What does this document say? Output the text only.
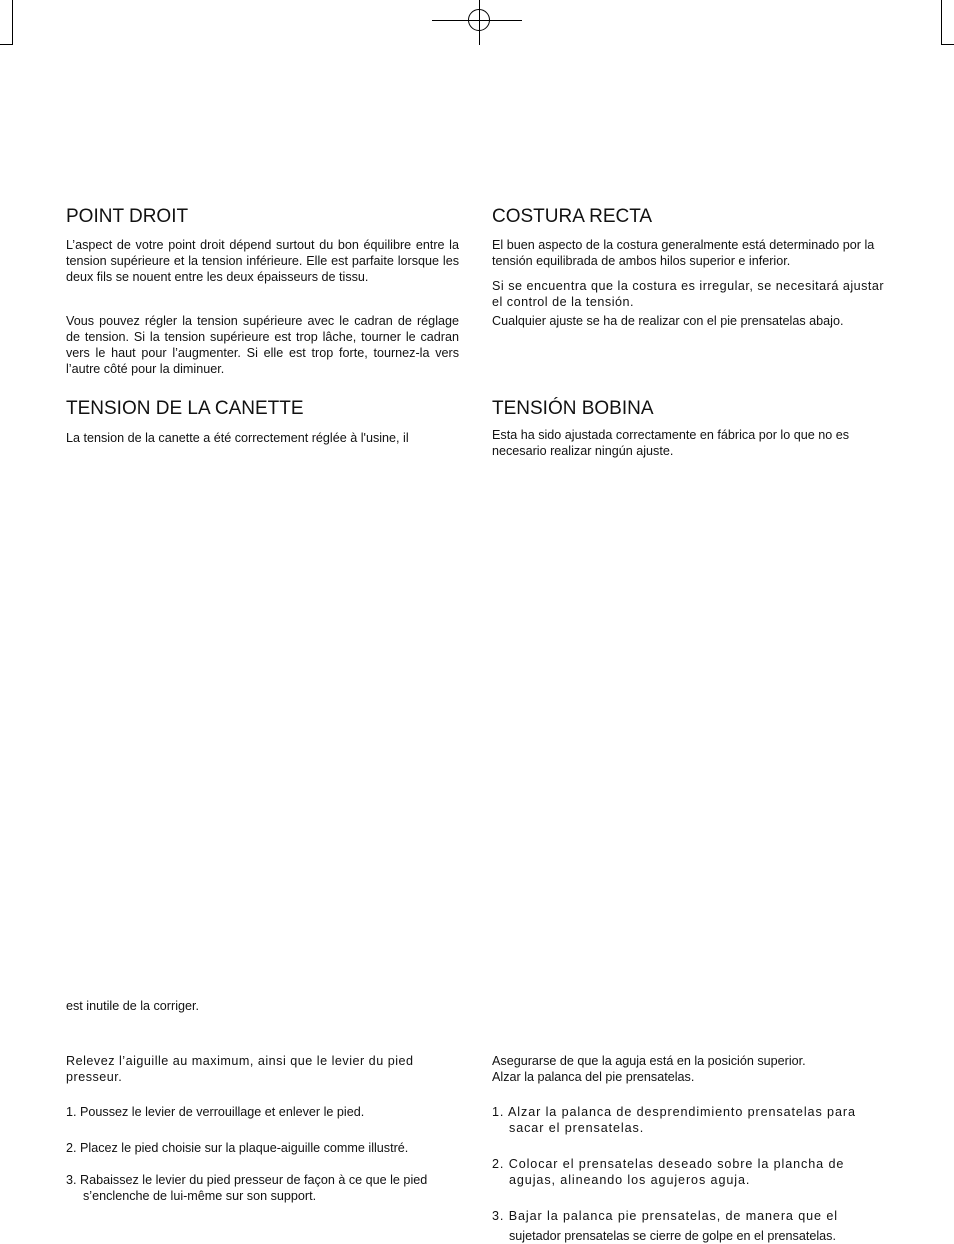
POINT DROIT

L’aspect de votre point droit dépend surtout du bon équilibre entre la tension supérieure et la tension inférieure. Elle est parfaite lorsque les deux fils se nouent entre les deux épaisseurs de tissu.

Vous pouvez régler la tension supérieure avec le cadran de réglage de tension. Si la tension supérieure est trop lâche, tourner le cadran vers le haut pour l’augmenter. Si elle est trop forte, tournez-la vers l’autre côté pour la diminuer.

TENSION DE LA CANETTE

La tension de la canette a été correctement réglée à l'usine, il

est inutile de la corriger.

Relevez l’aiguille au maximum, ainsi que le levier du pied presseur.

1. Poussez le levier de verrouillage et enlever le pied.

2. Placez le pied choisie sur la plaque-aiguille comme illustré.

3. Rabaissez le levier du pied presseur de façon à ce que le pied s’enclenche de lui-même sur son support.

COSTURA RECTA

El buen aspecto de la costura generalmente está determinado por la tensión equilibrada de ambos hilos superior e inferior.

Si se encuentra que la costura es irregular, se necesitará ajustar el control de la tensión.

Cualquier ajuste se ha de realizar con el pie prensatelas abajo.

TENSIÓN BOBINA

Esta ha sido ajustada correctamente en fábrica por lo que no es necesario realizar ningún ajuste.

Asegurarse de que la aguja está en la posición superior.

Alzar la palanca del pie prensatelas.

1. Alzar la palanca de desprendimiento prensatelas para sacar el prensatelas.

2. Colocar el prensatelas deseado sobre la plancha de agujas, alineando los agujeros aguja.

3. Bajar la palanca pie prensatelas, de manera que el

sujetador prensatelas se cierre de golpe en el prensatelas.
